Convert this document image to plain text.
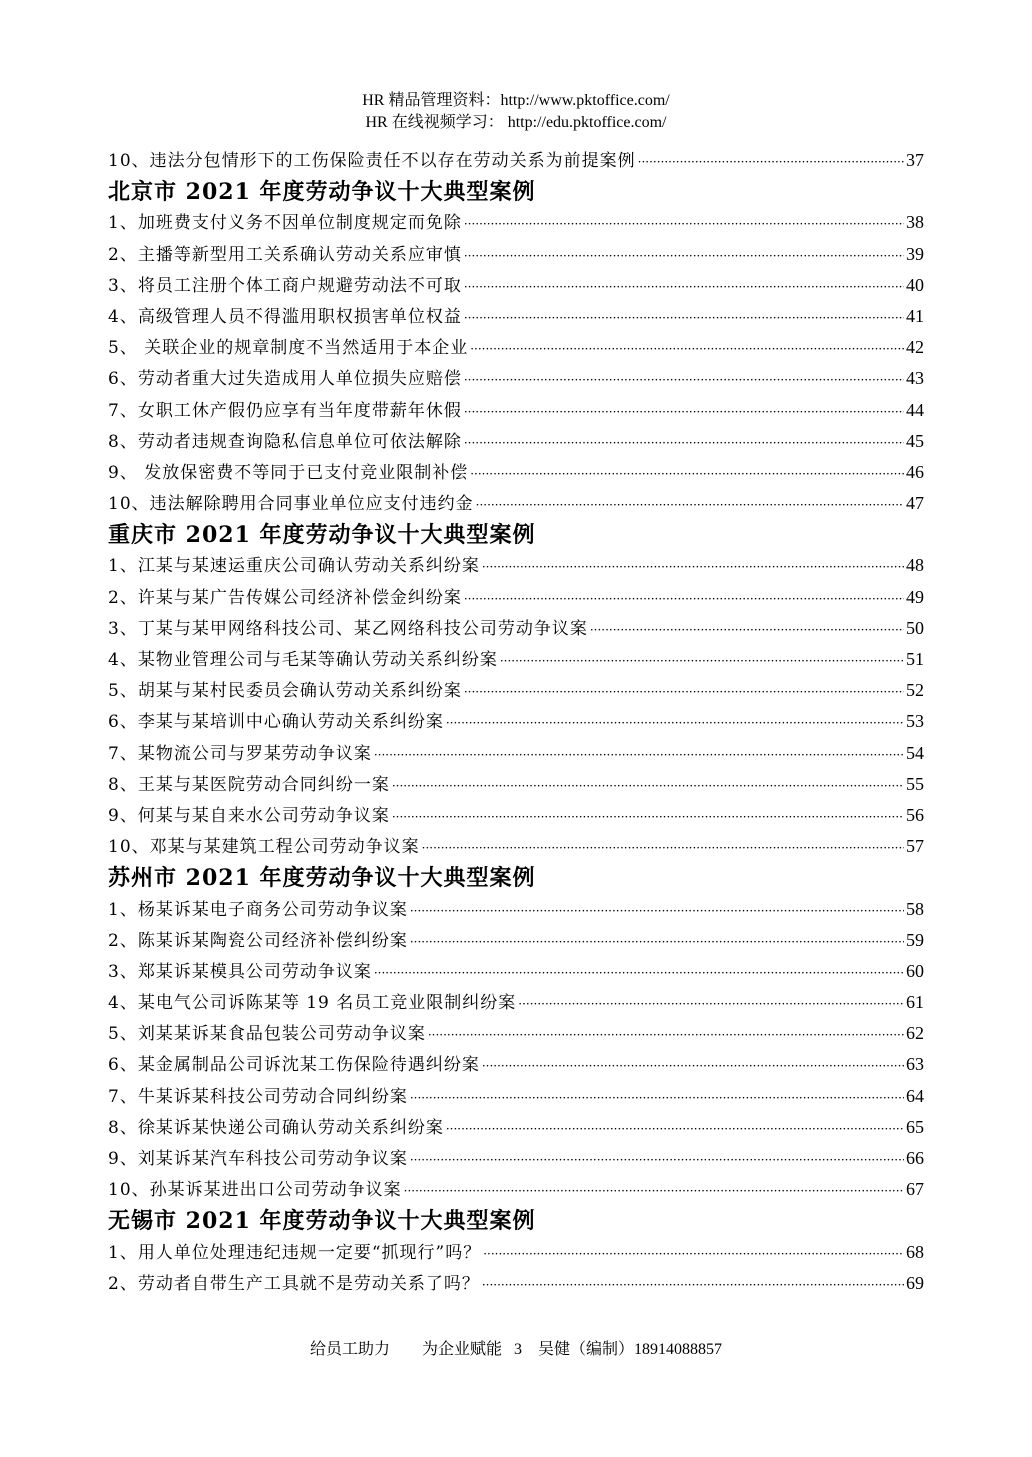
HR 精品管理资料：http://www.pktoffice.com/
HR 在线视频学习： http://edu.pktoffice.com/
10、违法分包情形下的工伤保险责任不以存在劳动关系为前提案例 ·····	37
北京市 2021 年度劳动争议十大典型案例
1、加班费支付义务不因单位制度规定而免除 ·····	38
2、主播等新型用工关系确认劳动关系应审慎 ·····	39
3、将员工注册个体工商户规避劳动法不可取 ·····	40
4、高级管理人员不得滥用职权损害单位权益 ·····	41
5、 关联企业的规章制度不当然适用于本企业 ·····	42
6、劳动者重大过失造成用人单位损失应赔偿 ·····	43
7、女职工休产假仍应享有当年度带薪年休假 ·····	44
8、劳动者违规查询隐私信息单位可依法解除 ·····	45
9、 发放保密费不等同于已支付竞业限制补偿 ·····	46
10、违法解除聘用合同事业单位应支付违约金 ·····	47
重庆市 2021 年度劳动争议十大典型案例
1、江某与某速运重庆公司确认劳动关系纠纷案 ·····	48
2、许某与某广告传媒公司经济补偿金纠纷案 ·····	49
3、丁某与某甲网络科技公司、某乙网络科技公司劳动争议案 ·····	50
4、某物业管理公司与毛某等确认劳动关系纠纷案 ·····	51
5、胡某与某村民委员会确认劳动关系纠纷案 ·····	52
6、李某与某培训中心确认劳动关系纠纷案 ·····	53
7、某物流公司与罗某劳动争议案 ·····	54
8、王某与某医院劳动合同纠纷一案 ·····	55
9、何某与某自来水公司劳动争议案 ·····	56
10、邓某与某建筑工程公司劳动争议案 ·····	57
苏州市 2021 年度劳动争议十大典型案例
1、杨某诉某电子商务公司劳动争议案 ·····	58
2、陈某诉某陶瓷公司经济补偿纠纷案 ·····	59
3、郑某诉某模具公司劳动争议案 ·····	60
4、某电气公司诉陈某等 19 名员工竞业限制纠纷案 ·····	61
5、刘某某诉某食品包装公司劳动争议案 ·····	62
6、某金属制品公司诉沈某工伤保险待遇纠纷案 ·····	63
7、牛某诉某科技公司劳动合同纠纷案 ·····	64
8、徐某诉某快递公司确认劳动关系纠纷案 ·····	65
9、刘某诉某汽车科技公司劳动争议案 ·····	66
10、孙某诉某进出口公司劳动争议案 ·····	67
无锡市 2021 年度劳动争议十大典型案例
1、用人单位处理违纪违规一定要“抓现行”吗？ ·····	68
2、劳动者自带生产工具就不是劳动关系了吗？ ·····	69
给员工助力 为企业赋能 3 吴健（编制）18914088857
